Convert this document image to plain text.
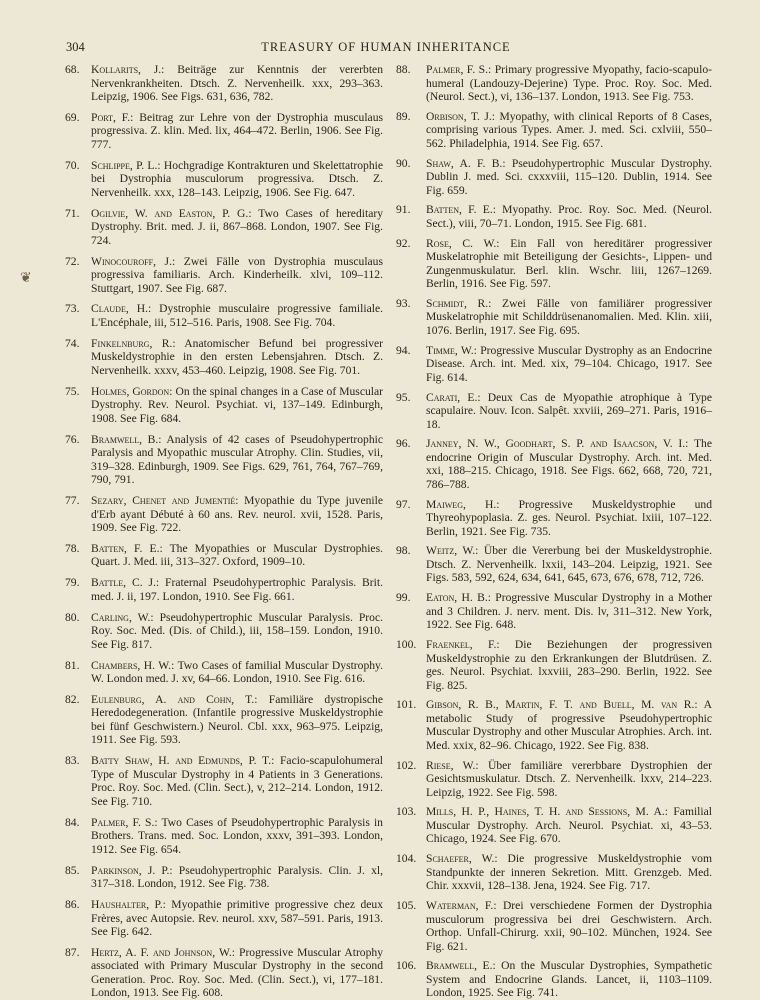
304	TREASURY OF HUMAN INHERITANCE
❦
68. Kollarits, J.: Beiträge zur Kenntnis der vererbten Nervenkrankheiten. Dtsch. Z. Nervenheilk. xxx, 293–363. Leipzig, 1906. See Figs. 631, 636, 782.
69. Port, F.: Beitrag zur Lehre von der Dystrophia musculaus progressiva. Z. klin. Med. lix, 464–472. Berlin, 1906. See Fig. 777.
70. Schlippe, P. L.: Hochgradige Kontrakturen und Skelettatrophie bei Dystrophia musculorum progressiva. Dtsch. Z. Nervenheilk. xxx, 128–143. Leipzig, 1906. See Fig. 647.
71. Ogilvie, W. and Easton, P. G.: Two Cases of hereditary Dystrophy. Brit. med. J. ii, 867–868. London, 1907. See Fig. 724.
72. Winocouroff, J.: Zwei Fälle von Dystrophia musculaus progressiva familiaris. Arch. Kinderheilk. xlvi, 109–112. Stuttgart, 1907. See Fig. 687.
73. Claude, H.: Dystrophie musculaire progressive familiale. L'Encéphale, iii, 512–516. Paris, 1908. See Fig. 704.
74. Finkelnburg, R.: Anatomischer Befund bei progressiver Muskeldystrophie in den ersten Lebensjahren. Dtsch. Z. Nervenheilk. xxxv, 453–460. Leipzig, 1908. See Fig. 701.
75. Holmes, Gordon: On the spinal changes in a Case of Muscular Dystrophy. Rev. Neurol. Psychiat. vi, 137–149. Edinburgh, 1908. See Fig. 684.
76. Bramwell, B.: Analysis of 42 cases of Pseudohypertrophic Paralysis and Myopathic muscular Atrophy. Clin. Studies, vii, 319–328. Edinburgh, 1909. See Figs. 629, 761, 764, 767–769, 790, 791.
77. Sezary, Chenet and Jumentié: Myopathie du Type juvenile d'Erb ayant Débuté à 60 ans. Rev. neurol. xvii, 1528. Paris, 1909. See Fig. 722.
78. Batten, F. E.: The Myopathies or Muscular Dystrophies. Quart. J. Med. iii, 313–327. Oxford, 1909–10.
79. Battle, C. J.: Fraternal Pseudohypertrophic Paralysis. Brit. med. J. ii, 197. London, 1910. See Fig. 661.
80. Carling, W.: Pseudohypertrophic Muscular Paralysis. Proc. Roy. Soc. Med. (Dis. of Child.), iii, 158–159. London, 1910. See Fig. 817.
81. Chambers, H. W.: Two Cases of familial Muscular Dystrophy. W. London med. J. xv, 64–66. London, 1910. See Fig. 616.
82. Eulenburg, A. and Cohn, T.: Familiäre dystropische Heredodegeneration. (Infantile progressive Muskeldystrophie bei fünf Geschwistern.) Neurol. Cbl. xxx, 963–975. Leipzig, 1911. See Fig. 593.
83. Batty Shaw, H. and Edmunds, P. T.: Facio-scapulohumeral Type of Muscular Dystrophy in 4 Patients in 3 Generations. Proc. Roy. Soc. Med. (Clin. Sect.), v, 212–214. London, 1912. See Fig. 710.
84. Palmer, F. S.: Two Cases of Pseudohypertrophic Paralysis in Brothers. Trans. med. Soc. London, xxxv, 391–393. London, 1912. See Fig. 654.
85. Parkinson, J. P.: Pseudohypertrophic Paralysis. Clin. J. xl, 317–318. London, 1912. See Fig. 738.
86. Haushalter, P.: Myopathie primitive progressive chez deux Frères, avec Autopsie. Rev. neurol. xxv, 587–591. Paris, 1913. See Fig. 642.
87. Hertz, A. F. and Johnson, W.: Progressive Muscular Atrophy associated with Primary Muscular Dystrophy in the second Generation. Proc. Roy. Soc. Med. (Clin. Sect.), vi, 177–181. London, 1913. See Fig. 608.
88. Palmer, F. S.: Primary progressive Myopathy, facio-scapulo-humeral (Landouzy-Dejerine) Type. Proc. Roy. Soc. Med. (Neurol. Sect.), vi, 136–137. London, 1913. See Fig. 753.
89. Orbison, T. J.: Myopathy, with clinical Reports of 8 Cases, comprising various Types. Amer. J. med. Sci. cxlviii, 550–562. Philadelphia, 1914. See Fig. 657.
90. Shaw, A. F. B.: Pseudohypertrophic Muscular Dystrophy. Dublin J. med. Sci. cxxxviii, 115–120. Dublin, 1914. See Fig. 659.
91. Batten, F. E.: Myopathy. Proc. Roy. Soc. Med. (Neurol. Sect.), viii, 70–71. London, 1915. See Fig. 681.
92. Rose, C. W.: Ein Fall von hereditärer progressiver Muskelatrophie mit Beteiligung der Gesichts-, Lippen- und Zungenmuskulatur. Berl. klin. Wschr. liii, 1267–1269. Berlin, 1916. See Fig. 597.
93. Schmidt, R.: Zwei Fälle von familiärer progressiver Muskelatrophie mit Schilddrüsenanomalien. Med. Klin. xiii, 1076. Berlin, 1917. See Fig. 695.
94. Timme, W.: Progressive Muscular Dystrophy as an Endocrine Disease. Arch. int. Med. xix, 79–104. Chicago, 1917. See Fig. 614.
95. Carati, E.: Deux Cas de Myopathie atrophique à Type scapulaire. Nouv. Icon. Salpêt. xxviii, 269–271. Paris, 1916–18.
96. Janney, N. W., Goodhart, S. P. and Isaacson, V. I.: The endocrine Origin of Muscular Dystrophy. Arch. int. Med. xxi, 188–215. Chicago, 1918. See Figs. 662, 668, 720, 721, 786–788.
97. Maiweg, H.: Progressive Muskeldystrophie und Thyreohypoplasia. Z. ges. Neurol. Psychiat. lxiii, 107–122. Berlin, 1921. See Fig. 735.
98. Weitz, W.: Über die Vererbung bei der Muskeldystrophie. Dtsch. Z. Nervenheilk. lxxii, 143–204. Leipzig, 1921. See Figs. 583, 592, 624, 634, 641, 645, 673, 676, 678, 712, 726.
99. Eaton, H. B.: Progressive Muscular Dystrophy in a Mother and 3 Children. J. nerv. ment. Dis. lv, 311–312. New York, 1922. See Fig. 648.
100. Fraenkel, F.: Die Beziehungen der progressiven Muskeldystrophie zu den Erkrankungen der Blutdrüsen. Z. ges. Neurol. Psychiat. lxxviii, 283–290. Berlin, 1922. See Fig. 825.
101. Gibson, R. B., Martin, F. T. and Buell, M. van R.: A metabolic Study of progressive Pseudohypertrophic Muscular Dystrophy and other Muscular Atrophies. Arch. int. Med. xxix, 82–96. Chicago, 1922. See Fig. 838.
102. Riese, W.: Über familiäre vererbbare Dystrophien der Gesichtsmuskulatur. Dtsch. Z. Nervenheilk. lxxv, 214–223. Leipzig, 1922. See Fig. 598.
103. Mills, H. P., Haines, T. H. and Sessions, M. A.: Familial Muscular Dystrophy. Arch. Neurol. Psychiat. xi, 43–53. Chicago, 1924. See Fig. 670.
104. Schaefer, W.: Die progressive Muskeldystrophie vom Standpunkte der inneren Sekretion. Mitt. Grenzgeb. Med. Chir. xxxvii, 128–138. Jena, 1924. See Fig. 717.
105. Waterman, F.: Drei verschiedene Formen der Dystrophia musculorum progressiva bei drei Geschwistern. Arch. Orthop. Unfall-Chirurg. xxii, 90–102. München, 1924. See Fig. 621.
106. Bramwell, E.: On the Muscular Dystrophies, Sympathetic System and Endocrine Glands. Lancet, ii, 1103–1109. London, 1925. See Fig. 741.
